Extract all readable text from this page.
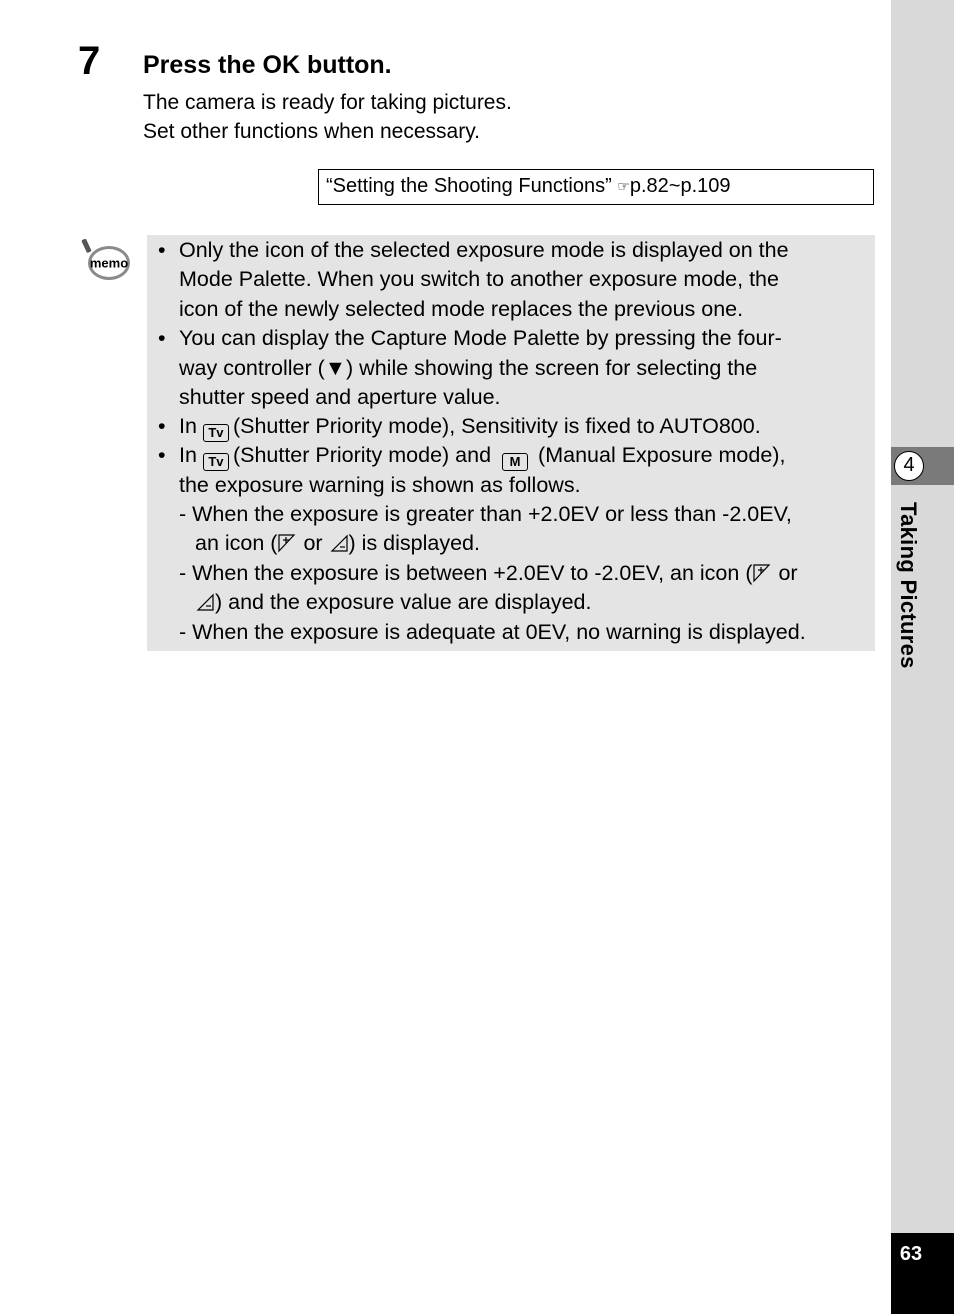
7 Press the OK button.
The camera is ready for taking pictures.
Set other functions when necessary.
“Setting the Shooting Functions” ☞p.82~p.109
memo
• Only the icon of the selected exposure mode is displayed on the
Mode Palette. When you switch to another exposure mode, the
icon of the newly selected mode replaces the previous one.
• You can display the Capture Mode Palette by pressing the four-
way controller (▼) while showing the screen for selecting the
shutter speed and aperture value.
• In Tv (Shutter Priority mode), Sensitivity is fixed to AUTO800.
• In Tv (Shutter Priority mode) and M (Manual Exposure mode),
the exposure warning is shown as follows.
- When the exposure is greater than +2.0EV or less than -2.0EV,
an icon ( or ) is displayed.
- When the exposure is between +2.0EV to -2.0EV, an icon ( or
) and the exposure value are displayed.
- When the exposure is adequate at 0EV, no warning is displayed.
4
Taking Pictures
63
